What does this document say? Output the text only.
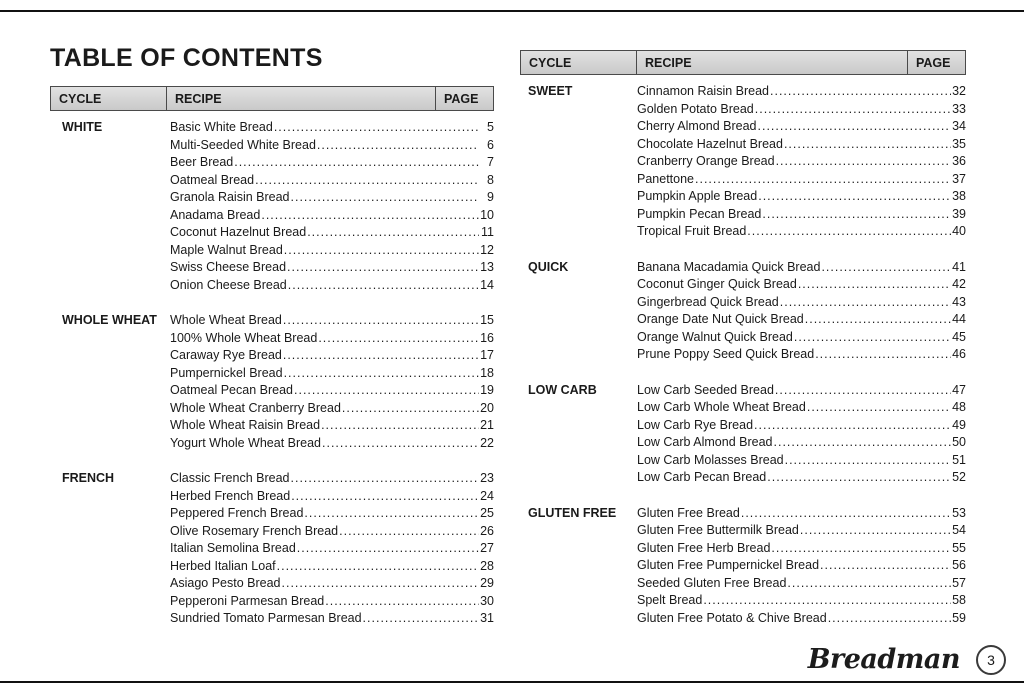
TABLE OF CONTENTS
CYCLE	RECIPE	PAGE
WHITE	Basic White Bread .....	5
Multi-Seeded White Bread .....	6
Beer Bread .....	7
Oatmeal Bread .....	8
Granola Raisin Bread .....	9
Anadama Bread .....	10
Coconut Hazelnut Bread .....	11
Maple Walnut Bread .....	12
Swiss Cheese Bread .....	13
Onion Cheese Bread .....	14
WHOLE WHEAT	Whole Wheat Bread .....	15
100% Whole Wheat Bread .....	16
Caraway Rye Bread .....	17
Pumpernickel Bread .....	18
Oatmeal Pecan Bread .....	19
Whole Wheat Cranberry Bread .....	20
Whole Wheat Raisin Bread .....	21
Yogurt Whole Wheat Bread .....	22
FRENCH	Classic French Bread .....	23
Herbed French Bread .....	24
Peppered French Bread .....	25
Olive Rosemary French Bread .....	26
Italian Semolina Bread .....	27
Herbed Italian Loaf .....	28
Asiago Pesto Bread .....	29
Pepperoni Parmesan Bread .....	30
Sundried Tomato Parmesan Bread .....	31
CYCLE	RECIPE	PAGE
SWEET	Cinnamon Raisin Bread .....	32
Golden Potato Bread .....	33
Cherry Almond Bread .....	34
Chocolate Hazelnut Bread .....	35
Cranberry Orange Bread .....	36
Panettone .....	37
Pumpkin Apple Bread .....	38
Pumpkin Pecan Bread .....	39
Tropical Fruit Bread .....	40
QUICK	Banana Macadamia Quick Bread .....	41
Coconut Ginger Quick Bread .....	42
Gingerbread Quick Bread .....	43
Orange Date Nut Quick Bread .....	44
Orange Walnut Quick Bread .....	45
Prune Poppy Seed Quick Bread .....	46
LOW CARB	Low Carb Seeded Bread .....	47
Low Carb Whole Wheat Bread .....	48
Low Carb Rye Bread .....	49
Low Carb Almond Bread .....	50
Low Carb Molasses Bread .....	51
Low Carb Pecan Bread .....	52
GLUTEN FREE	Gluten Free Bread .....	53
Gluten Free Buttermilk Bread .....	54
Gluten Free Herb Bread .....	55
Gluten Free Pumpernickel Bread .....	56
Seeded Gluten Free Bread .....	57
Spelt Bread .....	58
Gluten Free Potato & Chive Bread .....	59
Breadman 3
